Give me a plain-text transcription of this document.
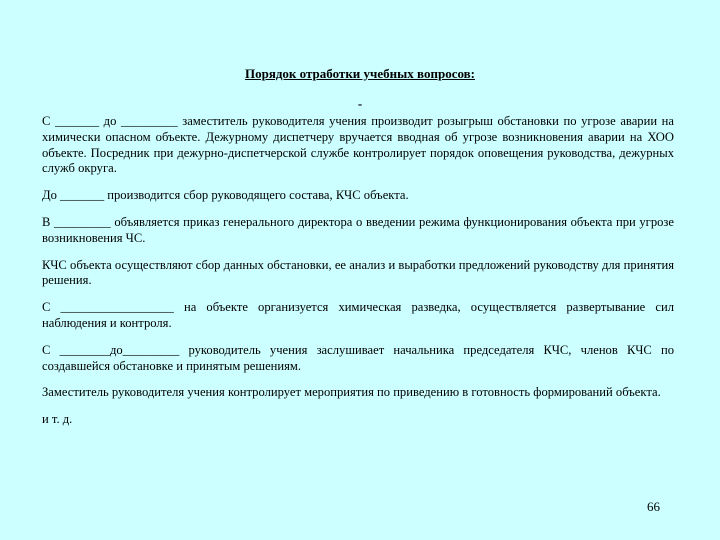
Порядок отработки учебных вопросов:
-

С _______ до _________ заместитель руководителя учения производит розыгрыш обстановки по угрозе аварии на химически опасном объекте. Дежурному диспетчеру вручается вводная об угрозе возникновения аварии на ХОО объекте. Посредник при дежурно-диспетчерской службе контролирует порядок оповещения руководства, дежурных служб округа.

До _______ производится сбор руководящего состава, КЧС объекта.

В _________ объявляется приказ генерального директора о введении режима функционирования объекта при угрозе возникновения ЧС.

КЧС объекта осуществляют сбор данных обстановки, ее анализ и выработки предложений руководству для принятия решения.

С __________________ на объекте организуется химическая разведка, осуществляется развертывание сил наблюдения и контроля.

С ________до_________ руководитель учения заслушивает начальника председателя КЧС, членов КЧС по создавшейся обстановке и принятым решениям.

Заместитель руководителя учения контролирует мероприятия по приведению в готовность формирований объекта.

и т. д.

66
